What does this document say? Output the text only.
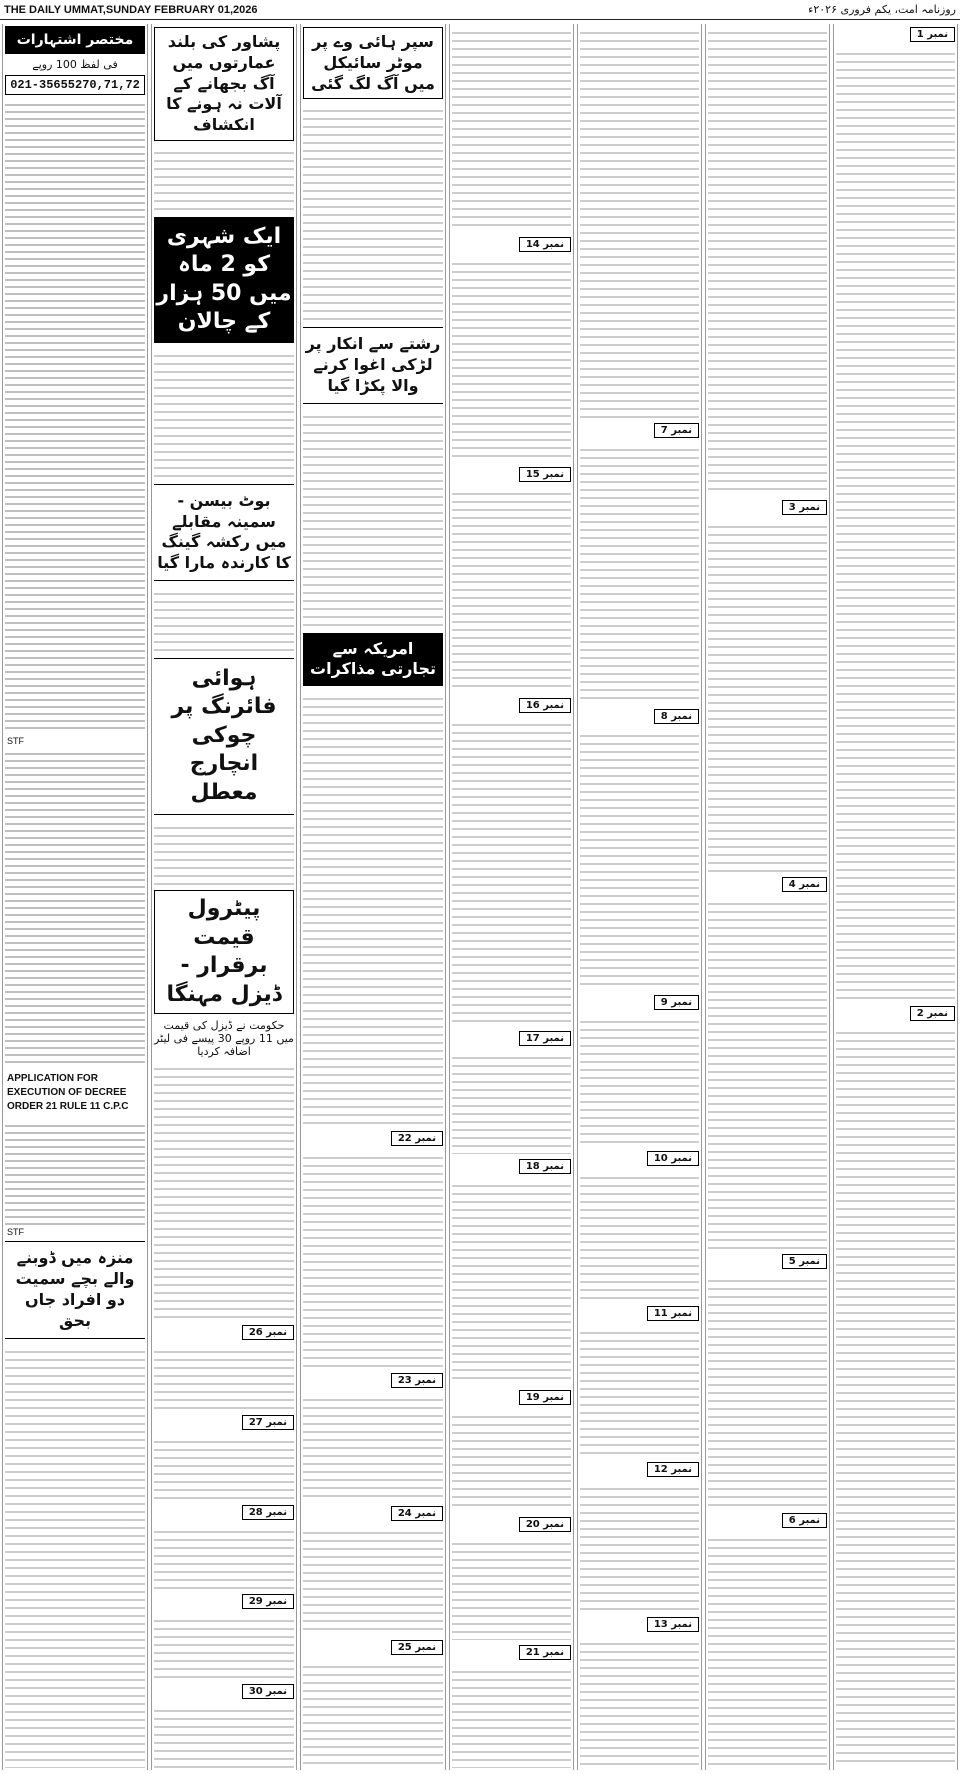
THE DAILY UMMAT,SUNDAY FEBRUARY 01,2026	روزنامہ امت، یکم فروری ۲۰۲۶ء
نمبر 1
نمبر 2
نمبر 3
نمبر 4
نمبر 5
نمبر 6
نمبر 7
نمبر 8
نمبر 9
نمبر 10
نمبر 11
نمبر 12
نمبر 13
نمبر 14
نمبر 15
نمبر 16
نمبر 17
نمبر 18
نمبر 19
نمبر 20
نمبر 21
سپر ہائی وے پر موٹر سائیکل میں آگ لگ گئی
رشتے سے انکار پر لڑکی اغوا کرنے والا پکڑا گیا
امریکہ سے تجارتی مذاکرات
نمبر 22
نمبر 23
نمبر 24
نمبر 25
پشاور کی بلند عمارتوں میں آگ بجھانے کے آلات نہ ہونے کا انکشاف
ایک شہری کو 2 ماہ میں 50 ہزار کے چالان
بوٹ بیسن - سمینہ مقابلے میں رکشہ گینگ کا کارندہ مارا گیا
ہوائی فائرنگ پر چوکی انچارج معطل
پیٹرول قیمت برقرار - ڈیزل مہنگا
حکومت نے ڈیزل کی قیمت میں 11 روپے 30 پیسے فی لیٹر اضافہ کردیا
نمبر 26
نمبر 27
نمبر 28
نمبر 29
نمبر 30
مختصر اشتہارات
فی لفظ 100 روپے
021-35655270,71,72
STF
APPLICATION FOR EXECUTION OF DECREE ORDER 21 RULE 11 C.P.C
STF
منزہ میں ڈوبنے والے بچے سمیت دو افراد جاں بحق
